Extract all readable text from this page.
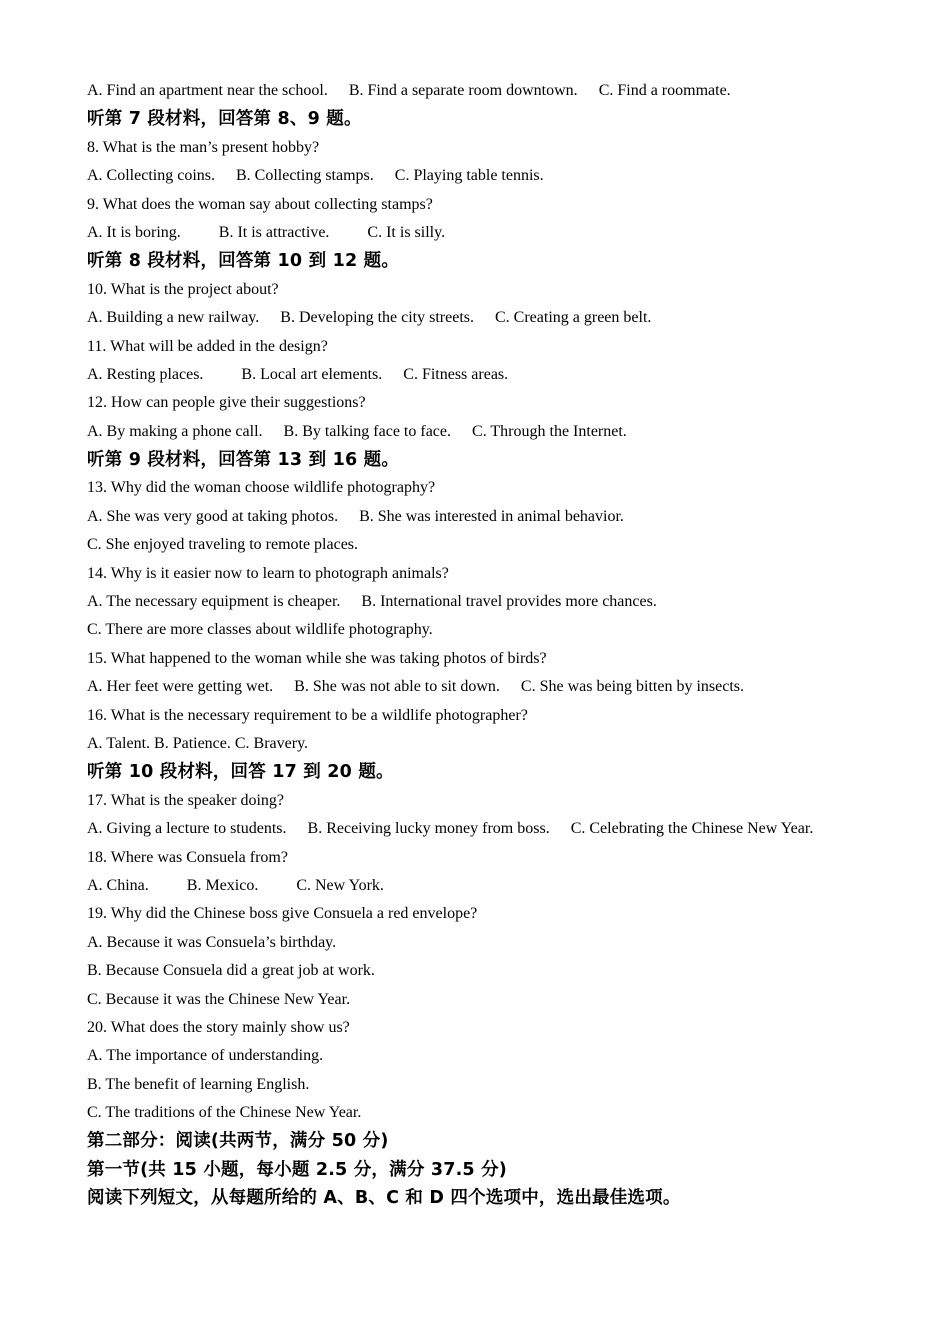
A. Find an apartment near the school. B. Find a separate room downtown. C. Find a roommate.
听第 7 段材料，回答第 8、9 题。
8. What is the man’s present hobby?
A. Collecting coins. B. Collecting stamps. C. Playing table tennis.
9. What does the woman say about collecting stamps?
A. It is boring. B. It is attractive. C. It is silly.
听第 8 段材料，回答第 10 到 12 题。
10. What is the project about?
A. Building a new railway. B. Developing the city streets. C. Creating a green belt.
11. What will be added in the design?
A. Resting places. B. Local art elements. C. Fitness areas.
12. How can people give their suggestions?
A. By making a phone call. B. By talking face to face. C. Through the Internet.
听第 9 段材料，回答第 13 到 16 题。
13. Why did the woman choose wildlife photography?
A. She was very good at taking photos. B. She was interested in animal behavior.
C. She enjoyed traveling to remote places.
14. Why is it easier now to learn to photograph animals?
A. The necessary equipment is cheaper. B. International travel provides more chances.
C. There are more classes about wildlife photography.
15. What happened to the woman while she was taking photos of birds?
A. Her feet were getting wet. B. She was not able to sit down. C. She was being bitten by insects.
16. What is the necessary requirement to be a wildlife photographer?
A. Talent. B. Patience. C. Bravery.
听第 10 段材料，回答 17 到 20 题。
17. What is the speaker doing?
A. Giving a lecture to students. B. Receiving lucky money from boss. C. Celebrating the Chinese New Year.
18. Where was Consuela from?
A. China. B. Mexico. C. New York.
19. Why did the Chinese boss give Consuela a red envelope?
A. Because it was Consuela’s birthday.
B. Because Consuela did a great job at work.
C. Because it was the Chinese New Year.
20. What does the story mainly show us?
A. The importance of understanding.
B. The benefit of learning English.
C. The traditions of the Chinese New Year.
第二部分：阅读(共两节，满分 50 分)
第一节(共 15 小题，每小题 2.5 分，满分 37.5 分)
阅读下列短文，从每题所给的 A、B、C 和 D 四个选项中，选出最佳选项。
